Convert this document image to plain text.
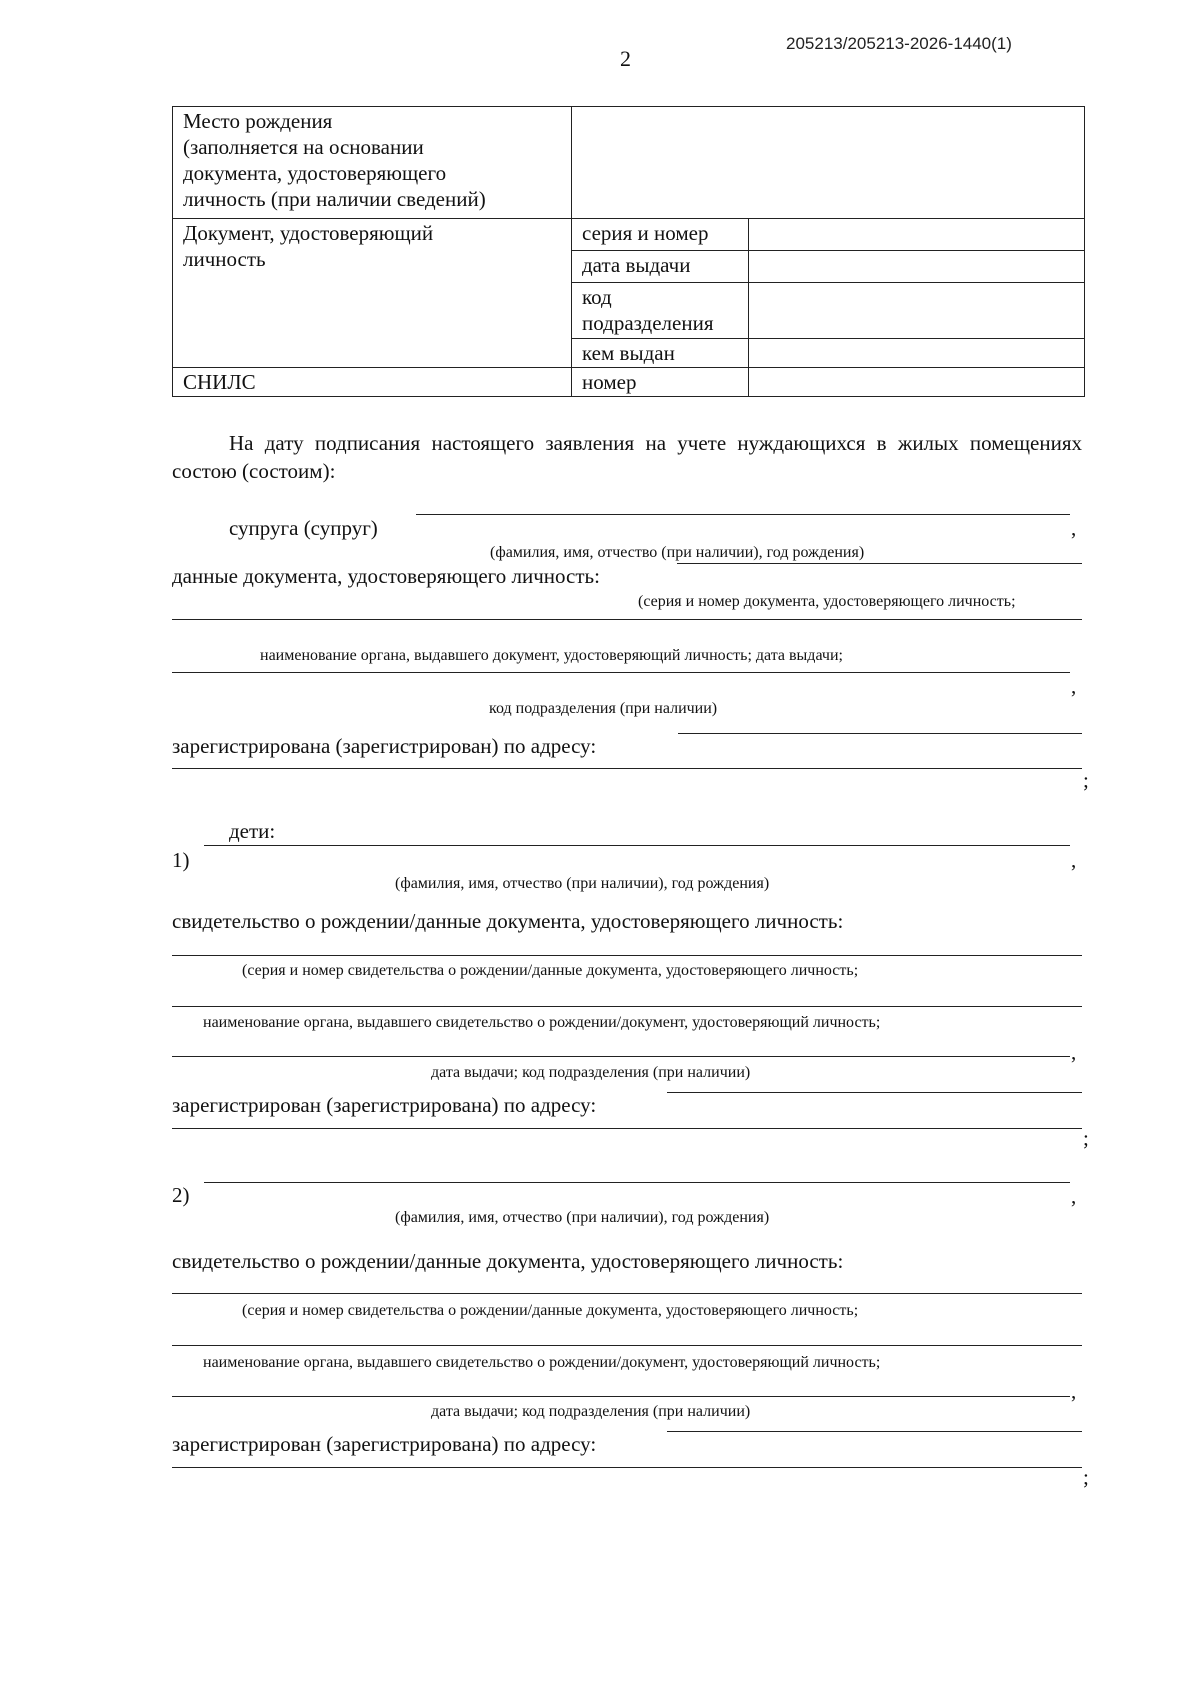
205213/205213-2026-1440(1)
2
Место рождения
(заполняется на основании
документа, удостоверяющего
личность (при наличии сведений)		

Документ, удостоверяющий
личность	серия и номер	
	дата выдачи	

	код
подразделения	

	кем выдан	
СНИЛС	номер	
На дату подписания настоящего заявления на учете нуждающихся в жилых помещениях состою (состоим):
супруга (супруг)	,
(фамилия, имя, отчество (при наличии), год рождения)
данные документа, удостоверяющего личность:
(серия и номер документа, удостоверяющего личность;
наименование органа, выдавшего документ, удостоверяющий личность; дата выдачи;
,
код подразделения (при наличии)
зарегистрирована (зарегистрирован) по адресу:
;
дети:
1)	,
(фамилия, имя, отчество (при наличии), год рождения)
свидетельство о рождении/данные документа, удостоверяющего личность:
(серия и номер свидетельства о рождении/данные документа, удостоверяющего личность;
наименование органа, выдавшего свидетельство о рождении/документ, удостоверяющий личность;
,
дата выдачи; код подразделения (при наличии)
зарегистрирован (зарегистрирована) по адресу:
;
2)	,
(фамилия, имя, отчество (при наличии), год рождения)
свидетельство о рождении/данные документа, удостоверяющего личность:
(серия и номер свидетельства о рождении/данные документа, удостоверяющего личность;
наименование органа, выдавшего свидетельство о рождении/документ, удостоверяющий личность;
,
дата выдачи; код подразделения (при наличии)
зарегистрирован (зарегистрирована) по адресу:
;
